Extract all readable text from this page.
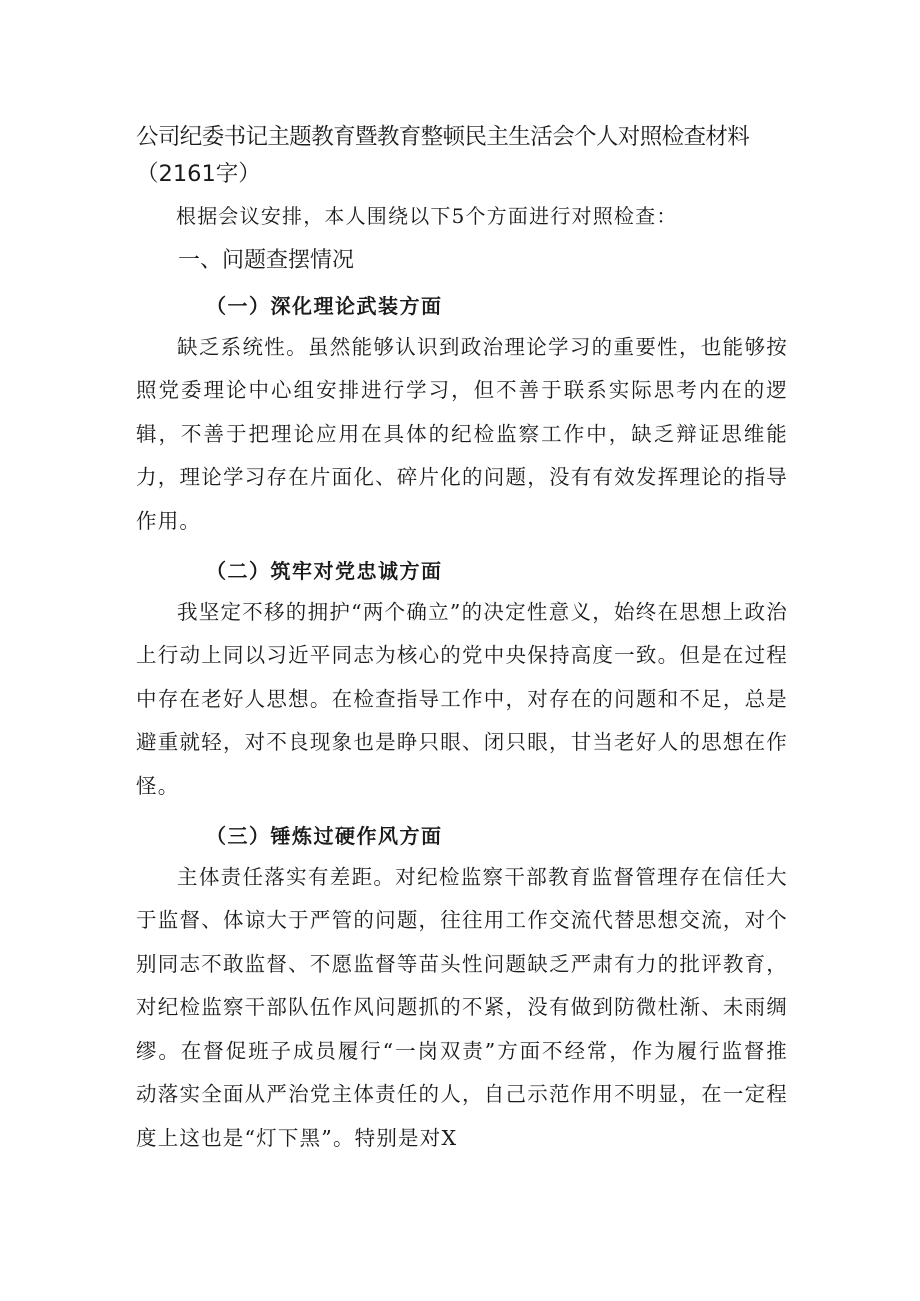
公司纪委书记主题教育暨教育整顿民主生活会个人对照检查材料
（2161字）

根据会议安排，本人围绕以下5个方面进行对照检查：

一、问题查摆情况
（一）深化理论武装方面

缺乏系统性。虽然能够认识到政治理论学习的重要性，也能够按照党委理论中心组安排进行学习，但不善于联系实际思考内在的逻辑，不善于把理论应用在具体的纪检监察工作中，缺乏辩证思维能力，理论学习存在片面化、碎片化的问题，没有有效发挥理论的指导作用。

（二）筑牢对党忠诚方面

我坚定不移的拥护“两个确立”的决定性意义，始终在思想上政治上行动上同以习近平同志为核心的党中央保持高度一致。但是在过程中存在老好人思想。在检查指导工作中，对存在的问题和不足，总是避重就轻，对不良现象也是睁只眼、闭只眼，甘当老好人的思想在作怪。

（三）锤炼过硬作风方面

主体责任落实有差距。对纪检监察干部教育监督管理存在信任大于监督、体谅大于严管的问题，往往用工作交流代替思想交流，对个别同志不敢监督、不愿监督等苗头性问题缺乏严肃有力的批评教育，对纪检监察干部队伍作风问题抓的不紧，没有做到防微杜渐、未雨绸缪。在督促班子成员履行“一岗双责”方面不经常，作为履行监督推动落实全面从严治党主体责任的人，自己示范作用不明显，在一定程度上这也是“灯下黑”。特别是对X
